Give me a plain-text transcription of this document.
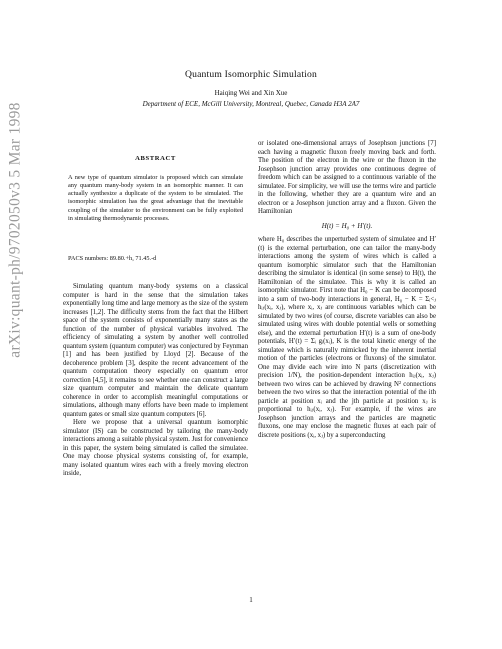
arXiv:quant-ph/9702050v3 5 Mar 1998
Quantum Isomorphic Simulation
Haiqing Wei and Xin Xue
Department of ECE, McGill University, Montreal, Quebec, Canada H3A 2A7
ABSTRACT
A new type of quantum simulator is proposed which can simulate any quantum many-body system in an isomorphic manner. It can actually synthesize a duplicate of the system to be simulated. The isomorphic simulation has the great advantage that the inevitable coupling of the simulator to the environment can be fully exploited in simulating thermodynamic processes.
PACS numbers: 89.80.+h, 71.45.-d

Simulating quantum many-body systems on a classical computer is hard in the sense that the simulation takes exponentially long time and large memory as the size of the system increases [1,2]. The difficulty stems from the fact that the Hilbert space of the system consists of exponentially many states as the function of the number of physical variables involved. The efficiency of simulating a system by another well controlled quantum system (quantum computer) was conjectured by Feynman [1] and has been justified by Lloyd [2]. Because of the decoherence problem [3], despite the recent advancement of the quantum computation theory especially on quantum error correction [4,5], it remains to see whether one can construct a large size quantum computer and maintain the delicate quantum coherence in order to accomplish meaningful computations or simulations, although many efforts have been made to implement quantum gates or small size quantum computers [6].

Here we propose that a universal quantum isomorphic simulator (IS) can be constructed by tailoring the many-body interactions among a suitable physical system. Just for convenience in this paper, the system being simulated is called the simulatee. One may choose physical systems consisting of, for example, many isolated quantum wires each with a freely moving electron inside,

or isolated one-dimensional arrays of Josephson junctions [7] each having a magnetic fluxon freely moving back and forth. The position of the electron in the wire or the fluxon in the Josephson junction array provides one continuous degree of freedom which can be assigned to a continuous variable of the simulatee. For simplicity, we will use the terms wire and particle in the following, whether they are a quantum wire and an electron or a Josephson junction array and a fluxon. Given the Hamiltonian

H(t) = H₀ + H′(t).

where H₀ describes the unperturbed system of simulatee and H′(t) is the external perturbation, one can tailor the many-body interactions among the system of wires which is called a quantum isomorphic simulator such that the Hamiltonian describing the simulator is identical (in some sense) to H(t), the Hamiltonian of the simulatee. This is why it is called an isomorphic simulator. First note that H₀ − K can be decomposed into a sum of two-body interactions in general, H₀ − K = Σᵢ<ⱼ hᵢⱼ(xᵢ, xⱼ), where xᵢ, xⱼ are continuous variables which can be simulated by two wires (of course, discrete variables can also be simulated using wires with double potential wells or something else), and the external perturbation H′(t) is a sum of one-body potentials, H′(t) = Σᵢ gᵢ(xᵢ), K is the total kinetic energy of the simulatee which is naturally mimicked by the inherent inertial motion of the particles (electrons or fluxons) of the simulator. One may divide each wire into N parts (discretization with precision 1/N), the position-dependent interaction hᵢⱼ(xᵢ, xⱼ) between two wires can be achieved by drawing N² connections between the two wires so that the interaction potential of the ith particle at position xᵢ and the jth particle at position xⱼ is proportional to hᵢⱼ(xᵢ, xⱼ). For example, if the wires are Josephson junction arrays and the particles are magnetic fluxons, one may enclose the magnetic fluxes at each pair of discrete positions (xᵢ, xⱼ) by a superconducting

1
